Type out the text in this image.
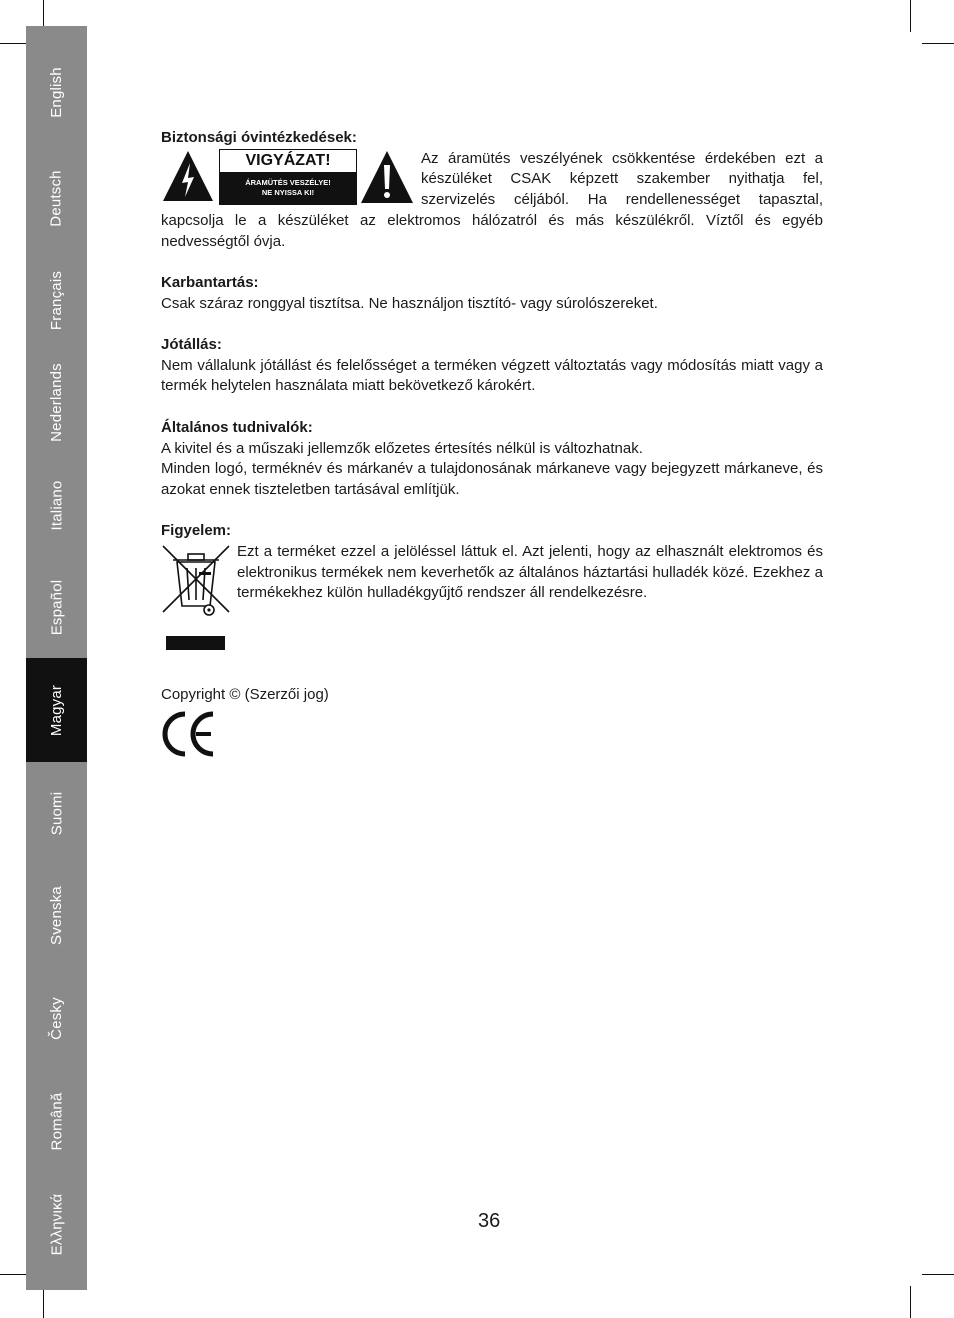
English
Deutsch
Français
Nederlands
Italiano
Español
Magyar
Suomi
Svenska
Česky
Română
Ελληνικά

Biztonsági óvintézkedések:

VIGYÁZAT!
ÁRAMÜTÉS VESZÉLYE!
NE NYISSA KI!

Az áramütés veszélyének csökkentése érdekében ezt a készüléket CSAK képzett szakember nyithatja fel, szervizelés céljából. Ha rendellenességet tapasztal, kapcsolja le a készüléket az elektromos hálózatról és más készülékről. Víztől és egyéb nedvességtől óvja.

Karbantartás:

Csak száraz ronggyal tisztítsa. Ne használjon tisztító- vagy súrolószereket.

Jótállás:

Nem vállalunk jótállást és felelősséget a terméken végzett változtatás vagy módosítás miatt vagy a termék helytelen használata miatt bekövetkező károkért.

Általános tudnivalók:

A kivitel és a műszaki jellemzők előzetes értesítés nélkül is változhatnak.

Minden logó, terméknév és márkanév a tulajdonosának márkaneve vagy bejegyzett márkaneve, és azokat ennek tiszteletben tartásával említjük.

Figyelem:

Ezt a terméket ezzel a jelöléssel láttuk el. Azt jelenti, hogy az elhasznált elektromos és elektronikus termékek nem keverhetők az általános háztartási hulladék közé. Ezekhez a termékekhez külön hulladékgyűjtő rendszer áll rendelkezésre.

Copyright © (Szerzői jog)
36
